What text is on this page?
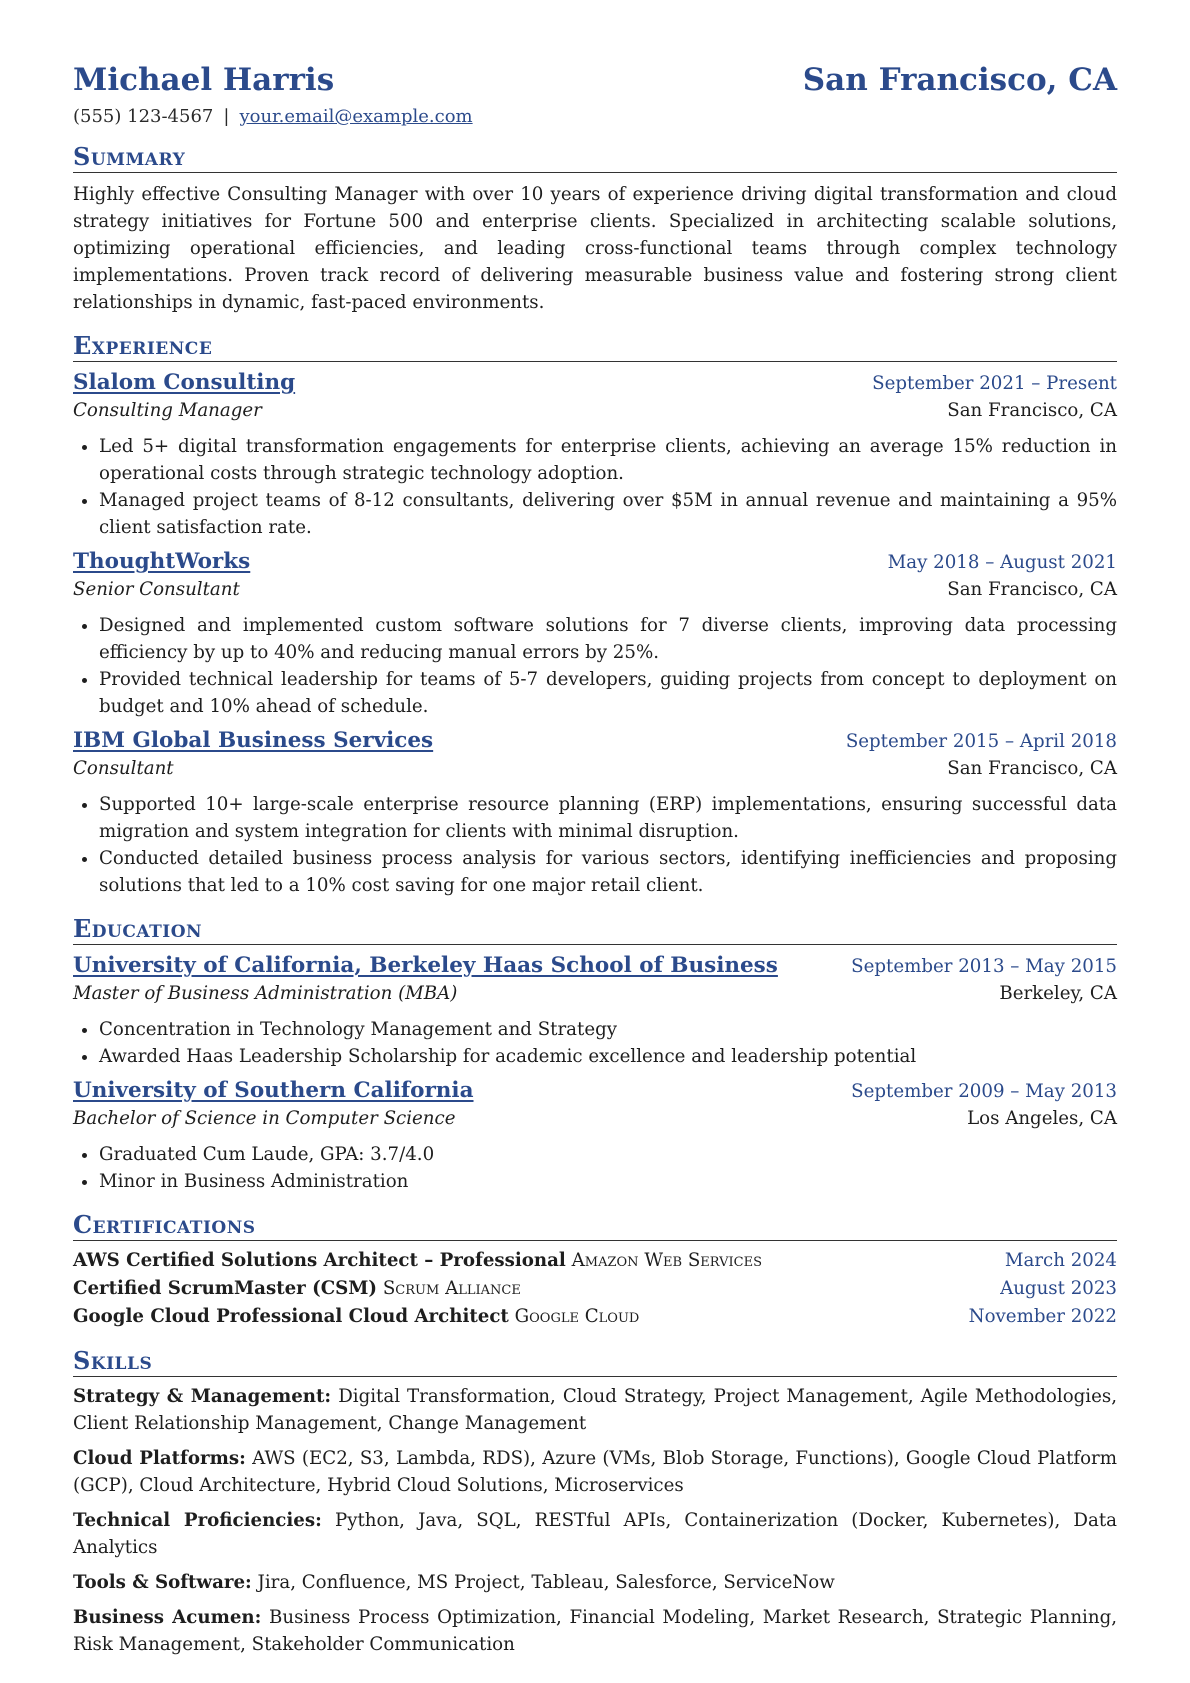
Michael Harris	San Francisco, CA
(555) 123-4567 | your.email@example.com
Summary
Highly effective Consulting Manager with over 10 years of experience driving digital transformation and cloud strategy initiatives for Fortune 500 and enterprise clients. Specialized in architecting scalable solutions, optimizing operational efficiencies, and leading cross-functional teams through complex technology implementations. Proven track record of delivering measurable business value and fostering strong client relationships in dynamic, fast-paced environments.
Experience
Slalom Consulting	September 2021 – Present
Consulting Manager	San Francisco, CA
• Led 5+ digital transformation engagements for enterprise clients, achieving an average 15% reduction in operational costs through strategic technology adoption.
• Managed project teams of 8-12 consultants, delivering over $5M in annual revenue and maintaining a 95% client satisfaction rate.
ThoughtWorks	May 2018 – August 2021
Senior Consultant	San Francisco, CA
• Designed and implemented custom software solutions for 7 diverse clients, improving data processing efficiency by up to 40% and reducing manual errors by 25%.
• Provided technical leadership for teams of 5-7 developers, guiding projects from concept to deployment on budget and 10% ahead of schedule.
IBM Global Business Services	September 2015 – April 2018
Consultant	San Francisco, CA
• Supported 10+ large-scale enterprise resource planning (ERP) implementations, ensuring successful data migration and system integration for clients with minimal disruption.
• Conducted detailed business process analysis for various sectors, identifying inefficiencies and proposing solutions that led to a 10% cost saving for one major retail client.
Education
University of California, Berkeley Haas School of Business	September 2013 – May 2015
Master of Business Administration (MBA)	Berkeley, CA
• Concentration in Technology Management and Strategy
• Awarded Haas Leadership Scholarship for academic excellence and leadership potential
University of Southern California	September 2009 – May 2013
Bachelor of Science in Computer Science	Los Angeles, CA
• Graduated Cum Laude, GPA: 3.7/4.0
• Minor in Business Administration
Certifications
AWS Certified Solutions Architect – Professional Amazon Web Services	March 2024
Certified ScrumMaster (CSM) Scrum Alliance	August 2023
Google Cloud Professional Cloud Architect Google Cloud	November 2022
Skills
Strategy & Management: Digital Transformation, Cloud Strategy, Project Management, Agile Methodologies, Client Relationship Management, Change Management
Cloud Platforms: AWS (EC2, S3, Lambda, RDS), Azure (VMs, Blob Storage, Functions), Google Cloud Platform (GCP), Cloud Architecture, Hybrid Cloud Solutions, Microservices
Technical Proficiencies: Python, Java, SQL, RESTful APIs, Containerization (Docker, Kubernetes), Data Analytics
Tools & Software: Jira, Confluence, MS Project, Tableau, Salesforce, ServiceNow
Business Acumen: Business Process Optimization, Financial Modeling, Market Research, Strategic Planning, Risk Management, Stakeholder Communication
